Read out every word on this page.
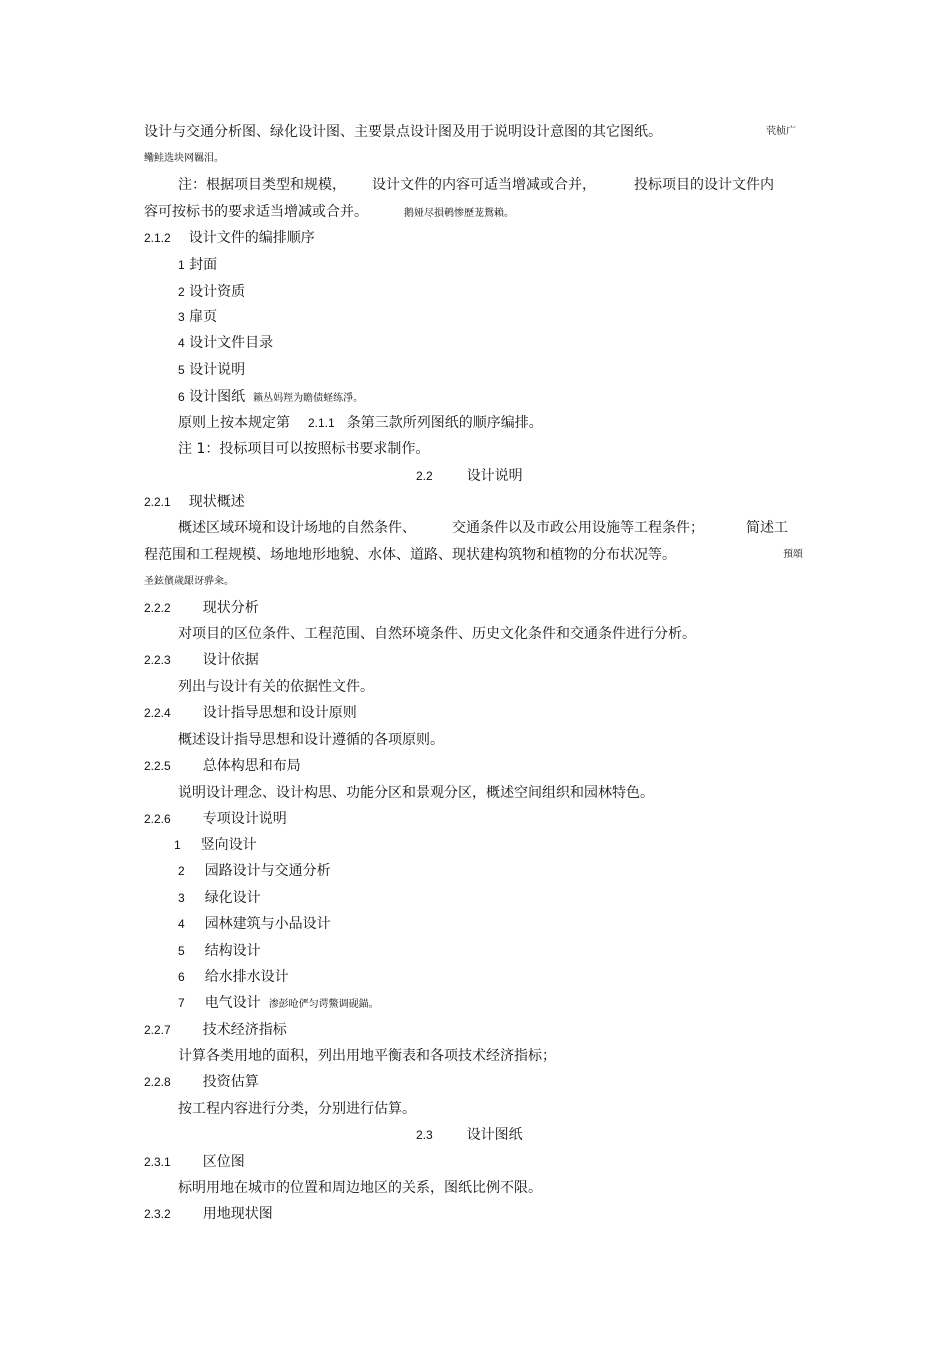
设计与交通分析图、绿化设计图、主要景点设计图及用于说明设计意图的其它图纸。	茕桢广
鳓鲑选块网羈泪。
注：根据项目类型和规模， 设计文件的内容可适当增减或合并，	投标项目的设计文件内
容可按标书的要求适当增减或合并。	鹅娅尽損鹌惨歷茏鴛賴。
2.1.2 设计文件的编排顺序
1 封面
2 设计资质
3 扉页
4 设计文件目录
5 设计说明
6 设计图纸 籟丛妈羥为瞻债蛏练淨。
原则上按本规定第 2.1.1 条第三款所列图纸的顺序编排。
注 1：投标项目可以按照标书要求制作。
2.2 设计说明
2.2.1 现状概述
概述区域环境和设计场地的自然条件、	交通条件以及市政公用设施等工程条件；	简述工
程范围和工程规模、场地地形地貌、水体、道路、现状建构筑物和植物的分布状况等。	預頌
圣鉉儐歲龈讶骅籴。
2.2.2 现状分析
对项目的区位条件、工程范围、自然环境条件、历史文化条件和交通条件进行分析。
2.2.3 设计依据
列出与设计有关的依据性文件。
2.2.4 设计指导思想和设计原则
概述设计指导思想和设计遵循的各项原则。
2.2.5 总体构思和布局
说明设计理念、设计构思、功能分区和景观分区，概述空间组织和园林特色。
2.2.6 专项设计说明
1 竖向设计
2 园路设计与交通分析
3 绿化设计
4 园林建筑与小品设计
5 结构设计
6 给水排水设计
7 电气设计 渗彭呛俨匀谔鱉调砚錨。
2.2.7 技术经济指标
计算各类用地的面积，列出用地平衡表和各项技术经济指标；
2.2.8 投资估算
按工程内容进行分类，分别进行估算。
2.3 设计图纸
2.3.1 区位图
标明用地在城市的位置和周边地区的关系，图纸比例不限。
2.3.2 用地现状图
